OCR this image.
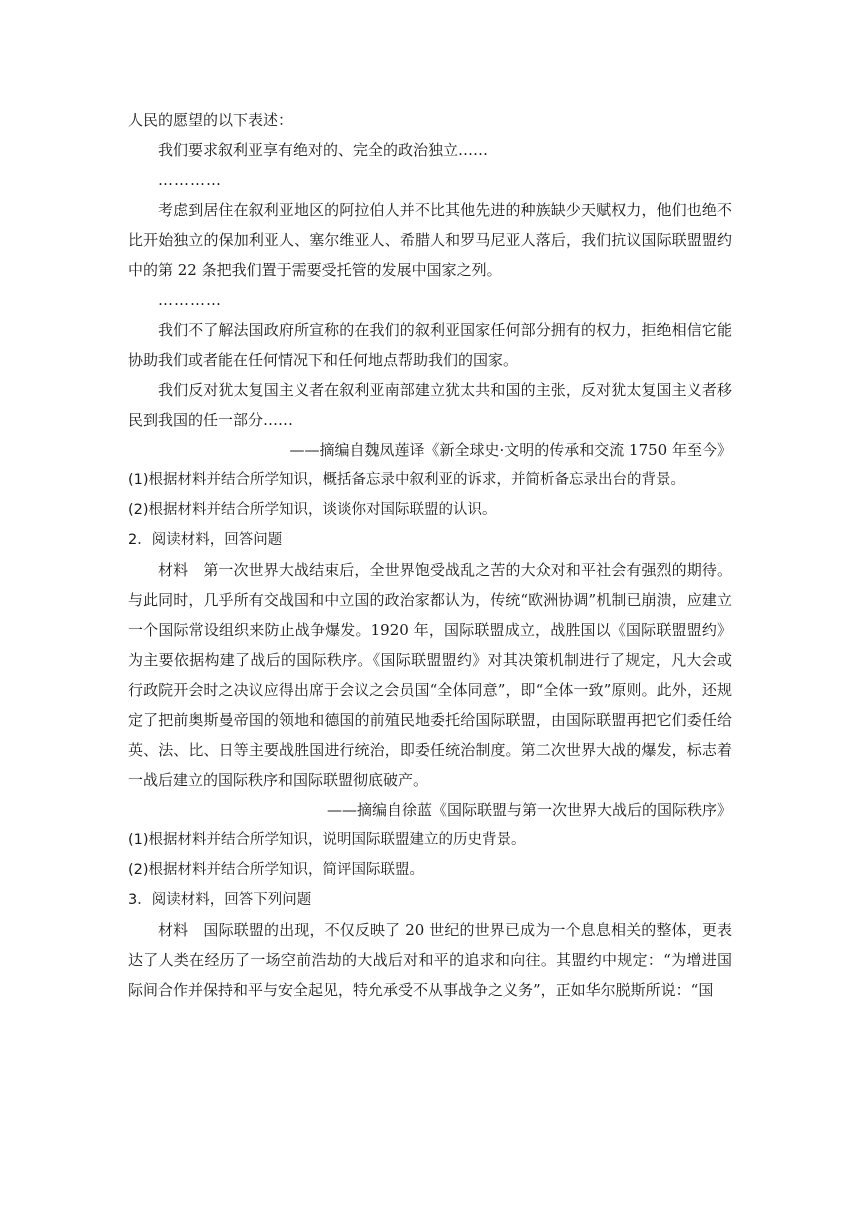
人民的愿望的以下表述：

我们要求叙利亚享有绝对的、完全的政治独立……

…………

考虑到居住在叙利亚地区的阿拉伯人并不比其他先进的种族缺少天赋权力，他们也绝不比开始独立的保加利亚人、塞尔维亚人、希腊人和罗马尼亚人落后，我们抗议国际联盟盟约中的第 22 条把我们置于需要受托管的发展中国家之列。

…………

我们不了解法国政府所宣称的在我们的叙利亚国家任何部分拥有的权力，拒绝相信它能协助我们或者能在任何情况下和任何地点帮助我们的国家。

我们反对犹太复国主义者在叙利亚南部建立犹太共和国的主张，反对犹太复国主义者移民到我国的任一部分……

——摘编自魏凤莲译《新全球史·文明的传承和交流 1750 年至今》

(1)根据材料并结合所学知识，概括备忘录中叙利亚的诉求，并简析备忘录出台的背景。

(2)根据材料并结合所学知识，谈谈你对国际联盟的认识。

2．阅读材料，回答问题

材料　第一次世界大战结束后，全世界饱受战乱之苦的大众对和平社会有强烈的期待。与此同时，几乎所有交战国和中立国的政治家都认为，传统“欧洲协调”机制已崩溃，应建立一个国际常设组织来防止战争爆发。1920 年，国际联盟成立，战胜国以《国际联盟盟约》为主要依据构建了战后的国际秩序。《国际联盟盟约》对其决策机制进行了规定，凡大会或行政院开会时之决议应得出席于会议之会员国“全体同意”，即“全体一致”原则。此外，还规定了把前奥斯曼帝国的领地和德国的前殖民地委托给国际联盟，由国际联盟再把它们委任给英、法、比、日等主要战胜国进行统治，即委任统治制度。第二次世界大战的爆发，标志着一战后建立的国际秩序和国际联盟彻底破产。

——摘编自徐蓝《国际联盟与第一次世界大战后的国际秩序》

(1)根据材料并结合所学知识，说明国际联盟建立的历史背景。

(2)根据材料并结合所学知识，简评国际联盟。

3．阅读材料，回答下列问题

材料　国际联盟的出现，不仅反映了 20 世纪的世界已成为一个息息相关的整体，更表达了人类在经历了一场空前浩劫的大战后对和平的追求和向往。其盟约中规定：“为增进国际间合作并保持和平与安全起见，特允承受不从事战争之义务”，正如华尔脱斯所说：“国
